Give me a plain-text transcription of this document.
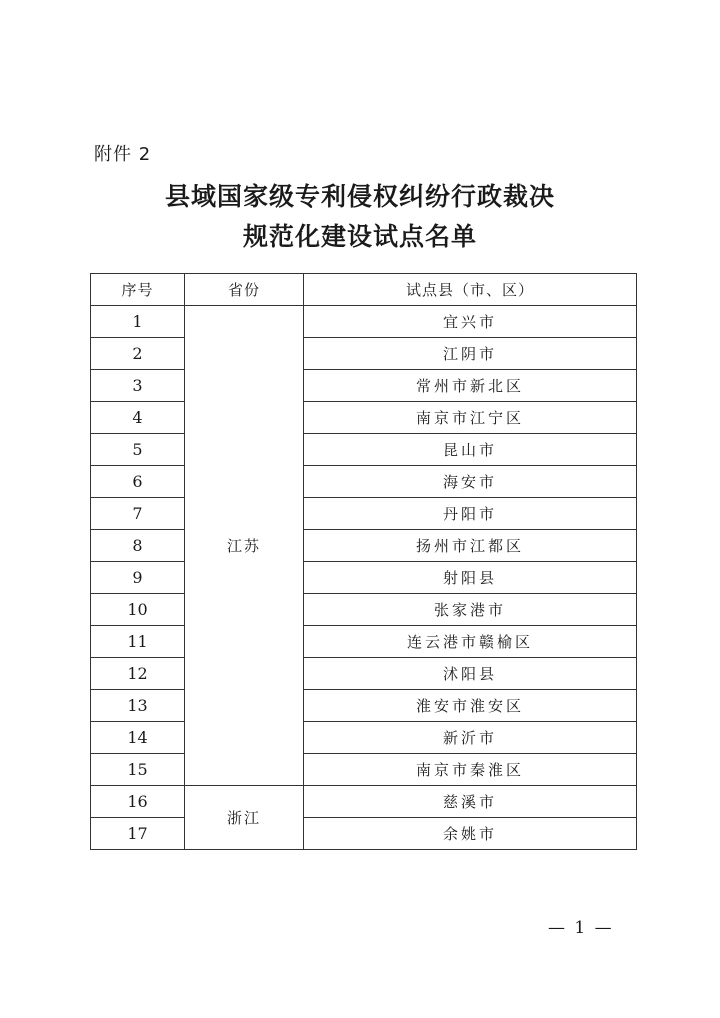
附件 2
县域国家级专利侵权纠纷行政裁决
规范化建设试点名单
序号	省份	试点县（市、区）
1	江苏	宜兴市
2		江阴市
3		常州市新北区
4		南京市江宁区
5		昆山市
6		海安市
7		丹阳市
8		扬州市江都区
9		射阳县
10		张家港市
11		连云港市赣榆区
12		沭阳县
13		淮安市淮安区
14		新沂市
15		南京市秦淮区
16	浙江	慈溪市
17		余姚市
— 1 —
